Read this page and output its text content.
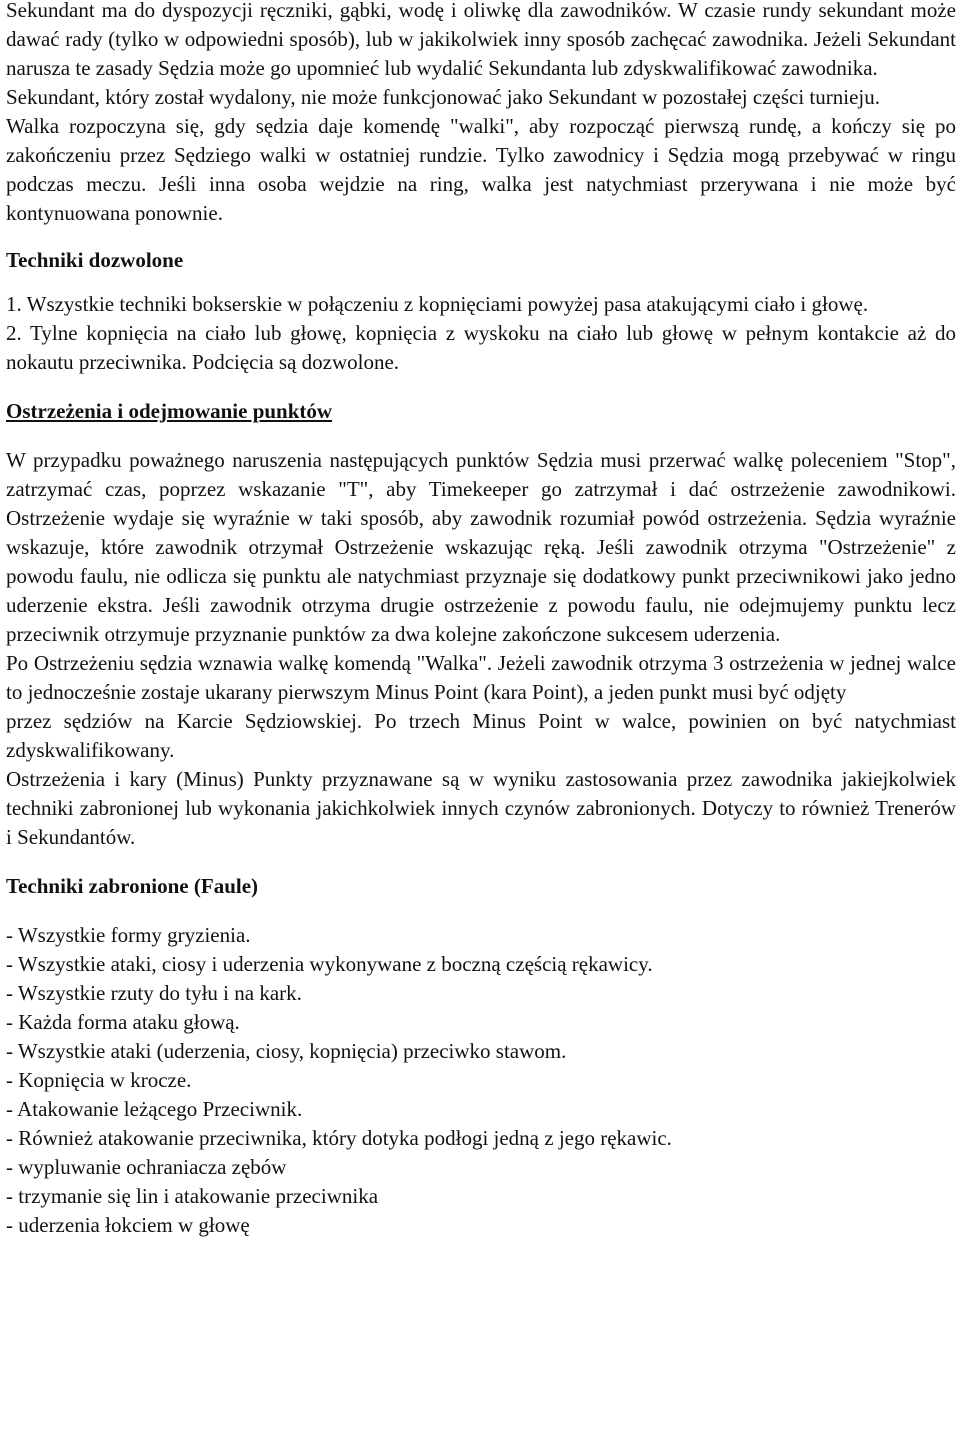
Sekundant ma do dyspozycji ręczniki, gąbki, wodę i oliwkę dla zawodników. W czasie rundy sekundant może dawać rady (tylko w odpowiedni sposób), lub w jakikolwiek inny sposób zachęcać zawodnika. Jeżeli Sekundant narusza te zasady Sędzia może go upomnieć lub wydalić Sekundanta lub zdyskwalifikować zawodnika.

Sekundant, który został wydalony, nie może funkcjonować jako Sekundant w pozostałej części turnieju.

Walka rozpoczyna się, gdy sędzia daje komendę "walki", aby rozpocząć pierwszą rundę, a kończy się po zakończeniu przez Sędziego walki w ostatniej rundzie. Tylko zawodnicy i Sędzia mogą przebywać w ringu podczas meczu. Jeśli inna osoba wejdzie na ring, walka jest natychmiast przerywana i nie może być kontynuowana ponownie.

Techniki dozwolone

1. Wszystkie techniki bokserskie w połączeniu z kopnięciami powyżej pasa atakującymi ciało i głowę.

2. Tylne kopnięcia na ciało lub głowę, kopnięcia z wyskoku na ciało lub głowę w pełnym kontakcie aż do nokautu przeciwnika. Podcięcia są dozwolone.

Ostrzeżenia i odejmowanie punktów

W przypadku poważnego naruszenia następujących punktów Sędzia musi przerwać walkę poleceniem "Stop", zatrzymać czas, poprzez wskazanie "T", aby Timekeeper go zatrzymał i dać ostrzeżenie zawodnikowi. Ostrzeżenie wydaje się wyraźnie w taki sposób, aby zawodnik rozumiał powód ostrzeżenia. Sędzia wyraźnie wskazuje, które zawodnik otrzymał Ostrzeżenie wskazując ręką. Jeśli zawodnik otrzyma "Ostrzeżenie" z powodu faulu, nie odlicza się punktu ale natychmiast przyznaje się dodatkowy punkt przeciwnikowi jako jedno uderzenie ekstra. Jeśli zawodnik otrzyma drugie ostrzeżenie z powodu faulu, nie odejmujemy punktu lecz przeciwnik otrzymuje przyznanie punktów za dwa kolejne zakończone sukcesem uderzenia.

Po Ostrzeżeniu sędzia wznawia walkę komendą "Walka". Jeżeli zawodnik otrzyma 3 ostrzeżenia w jednej walce to jednocześnie zostaje ukarany pierwszym Minus Point (kara Point), a jeden punkt musi być odjęty

przez sędziów na Karcie Sędziowskiej. Po trzech Minus Point w walce, powinien on być natychmiast zdyskwalifikowany.

Ostrzeżenia i kary (Minus) Punkty przyznawane są w wyniku zastosowania przez zawodnika jakiejkolwiek techniki zabronionej lub wykonania jakichkolwiek innych czynów zabronionych. Dotyczy to również Trenerów i Sekundantów.

Techniki zabronione (Faule)
- Wszystkie formy gryzienia.
- Wszystkie ataki, ciosy i uderzenia wykonywane z boczną częścią rękawicy.
- Wszystkie rzuty do tyłu i na kark.
- Każda forma ataku głową.
- Wszystkie ataki (uderzenia, ciosy, kopnięcia) przeciwko stawom.
- Kopnięcia w krocze.
- Atakowanie leżącego Przeciwnik.
- Również atakowanie przeciwnika, który dotyka podłogi jedną z jego rękawic.
- wypluwanie ochraniacza zębów
- trzymanie się lin i atakowanie przeciwnika
- uderzenia łokciem w głowę
